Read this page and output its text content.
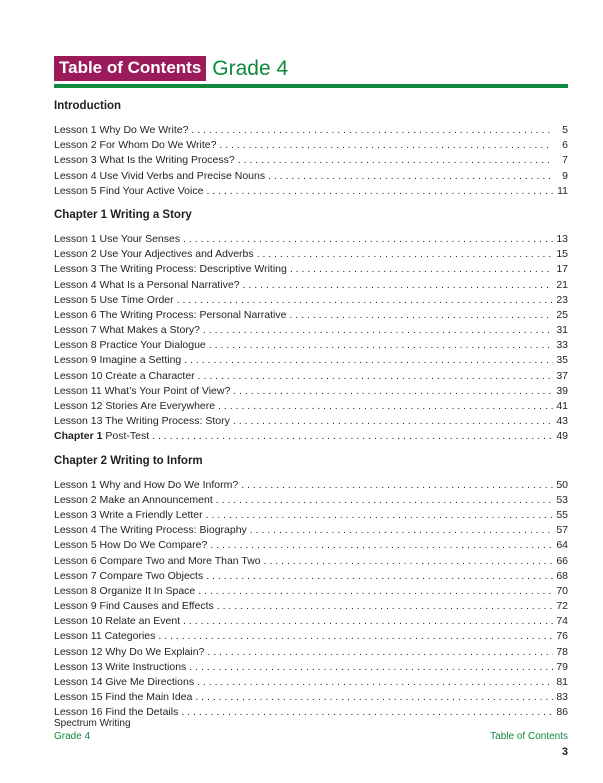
Table of Contents Grade 4
Introduction
Lesson 1 Why Do We Write? . . .	5
Lesson 2 For Whom Do We Write? . . .	6
Lesson 3 What Is the Writing Process? . . .	7
Lesson 4 Use Vivid Verbs and Precise Nouns . . .	9
Lesson 5 Find Your Active Voice . . .	11
Chapter 1 Writing a Story
Lesson 1 Use Your Senses . . .	13
Lesson 2 Use Your Adjectives and Adverbs . . .	15
Lesson 3 The Writing Process: Descriptive Writing . . .	17
Lesson 4 What Is a Personal Narrative? . . .	21
Lesson 5 Use Time Order . . .	23
Lesson 6 The Writing Process: Personal Narrative . . .	25
Lesson 7 What Makes a Story? . . .	31
Lesson 8 Practice Your Dialogue . . .	33
Lesson 9 Imagine a Setting . . .	35
Lesson 10 Create a Character . . .	37
Lesson 11 What’s Your Point of View? . . .	39
Lesson 12 Stories Are Everywhere . . .	41
Lesson 13 The Writing Process: Story . . .	43
Chapter 1 Post-Test . . .	49
Chapter 2 Writing to Inform
Lesson 1 Why and How Do We Inform? . . .	50
Lesson 2 Make an Announcement . . .	53
Lesson 3 Write a Friendly Letter . . .	55
Lesson 4 The Writing Process: Biography . . .	57
Lesson 5 How Do We Compare? . . .	64
Lesson 6 Compare Two and More Than Two . . .	66
Lesson 7 Compare Two Objects . . .	68
Lesson 8 Organize It In Space . . .	70
Lesson 9 Find Causes and Effects . . .	72
Lesson 10 Relate an Event . . .	74
Lesson 11 Categories . . .	76
Lesson 12 Why Do We Explain? . . .	78
Lesson 13 Write Instructions . . .	79
Lesson 14 Give Me Directions . . .	81
Lesson 15 Find the Main Idea . . .	83
Lesson 16 Find the Details . . .	86
Spectrum Writing
Grade 4	Table of Contents
3
